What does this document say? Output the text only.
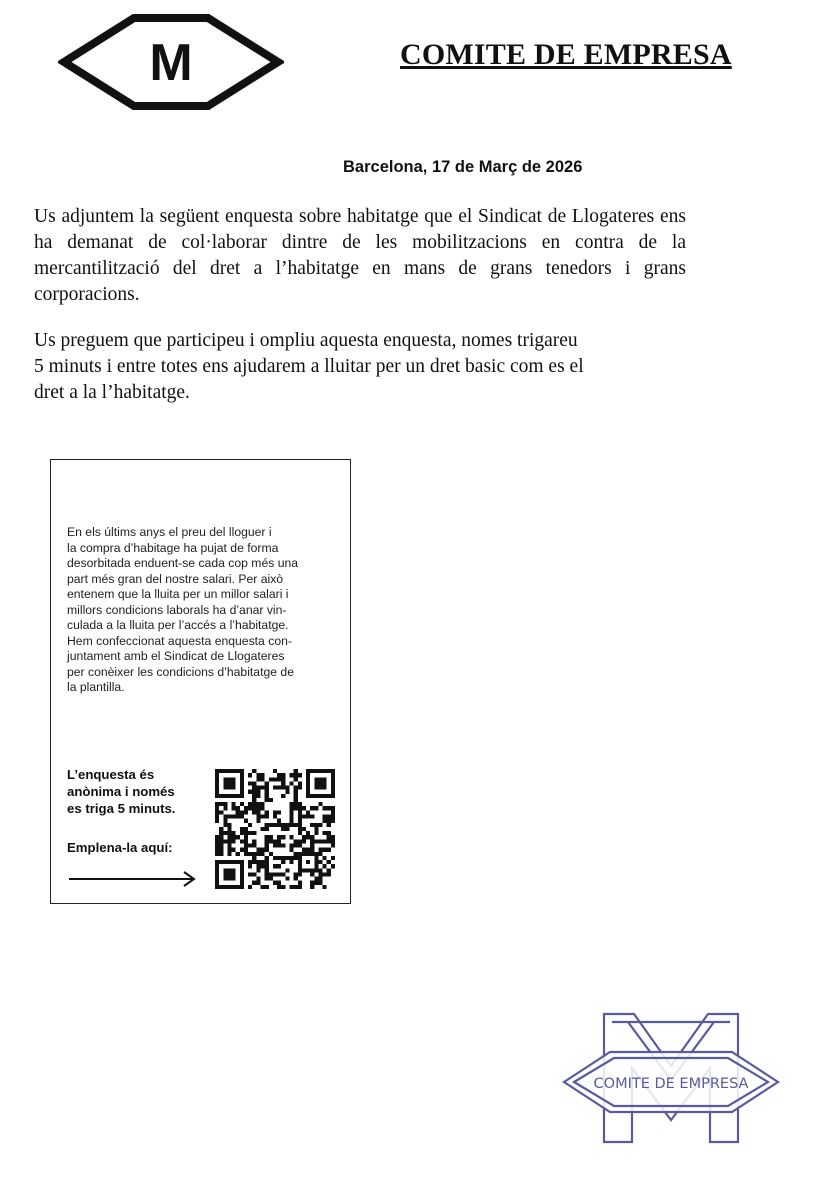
M	COMITE DE EMPRESA
Barcelona, 17 de Març de 2026

Us adjuntem la següent enquesta sobre habitatge que el Sindicat de Llogateres ens ha demanat de col·laborar dintre de les mobilitzacions en contra de la mercantilització del dret a l’habitatge en mans de grans tenedors i grans corporacions.

Us preguem que participeu i ompliu aquesta enquesta, nomes trigareu
5 minuts i entre totes ens ajudarem a lluitar per un dret basic com es el
dret a la l’habitatge.

En els últims anys el preu del lloguer i
la compra d’habitage ha pujat de forma
desorbitada enduent-se cada cop més una
part més gran del nostre salari. Per això
entenem que la lluita per un millor salari i
millors condicions laborals ha d’anar vin-
culada a la lluita per l’accés a l’habitatge.
Hem confeccionat aquesta enquesta con-
juntament amb el Sindicat de Llogateres
per conèixer les condicions d’habitatge de
la plantilla.

L’enquesta és
anònima i només
es triga 5 minuts.
Emplena-la aquí:
COMITE DE EMPRESA
